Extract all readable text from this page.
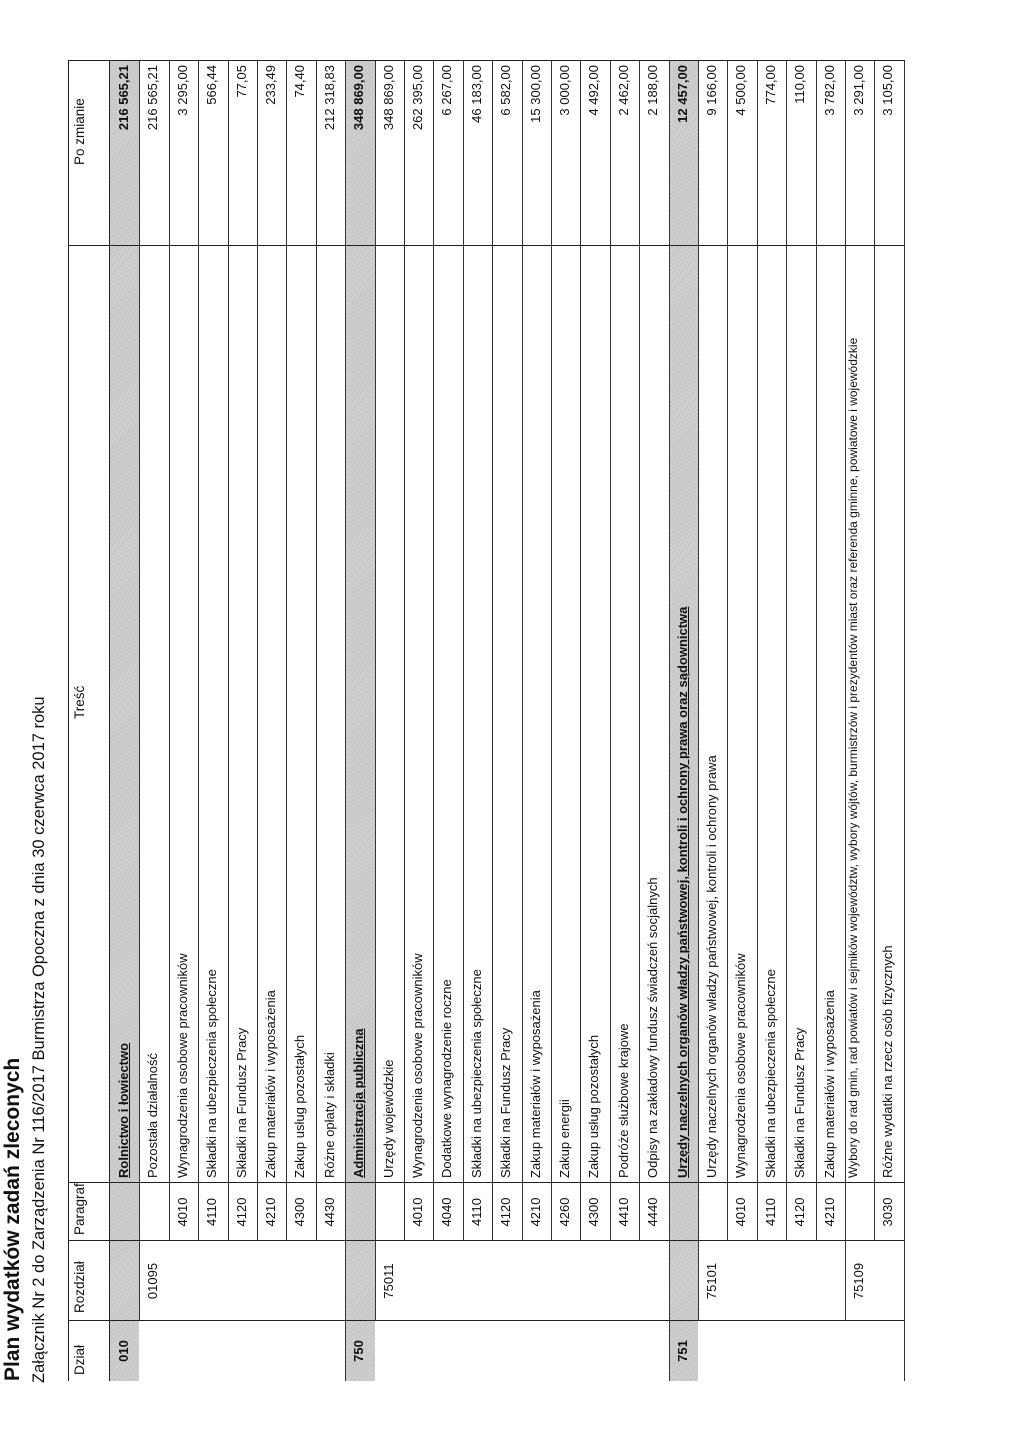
Plan wydatków zadań zleconych Załącznik Nr 2 do Zarządzenia Nr 116/2017 Burmistrza Opoczna z dnia 30 czerwca 2017 roku Dział
Rozdział
Paragraf
Treść
Po zmianie
010
Rolnictwo i łowiectwo
216 565,21
01095
Pozostała działalność
216 565,21
4010
Wynagrodzenia osobowe pracowników
3 295,00
4110
Składki na ubezpieczenia społeczne
566,44
4120
Składki na Fundusz Pracy
77,05
4210
Zakup materiałów i wyposażenia
233,49
4300
Zakup usług pozostałych
74,40
4430
Różne opłaty i składki
212 318,83
750
Administracja publiczna
348 869,00
75011
Urzędy wojewódzkie
348 869,00
4010
Wynagrodzenia osobowe pracowników
262 395,00
4040
Dodatkowe wynagrodzenie roczne
6 267,00
4110
Składki na ubezpieczenia społeczne
46 183,00
4120
Składki na Fundusz Pracy
6 582,00
4210
Zakup materiałów i wyposażenia
15 300,00
4260
Zakup energii
3 000,00
4300
Zakup usług pozostałych
4 492,00
4410
Podróże służbowe krajowe
2 462,00
4440
Odpisy na zakładowy fundusz świadczeń socjalnych
2 188,00
751
Urzędy naczelnych organów władzy państwowej, kontroli i ochrony prawa oraz sądownictwa
12 457,00
75101
Urzędy naczelnych organów władzy państwowej, kontroli i ochrony prawa
9 166,00
4010
Wynagrodzenia osobowe pracowników
4 500,00
4110
Składki na ubezpieczenia społeczne
774,00
4120
Składki na Fundusz Pracy
110,00
4210
Zakup materiałów i wyposażenia
3 782,00
75109
Wybory do rad gmin, rad powiatów i sejmików województw, wybory wójtów, burmistrzów i prezydentów miast oraz referenda gminne, powiatowe i wojewódzkie
3 291,00
3030
Różne wydatki na rzecz osób fizycznych
3 105,00
